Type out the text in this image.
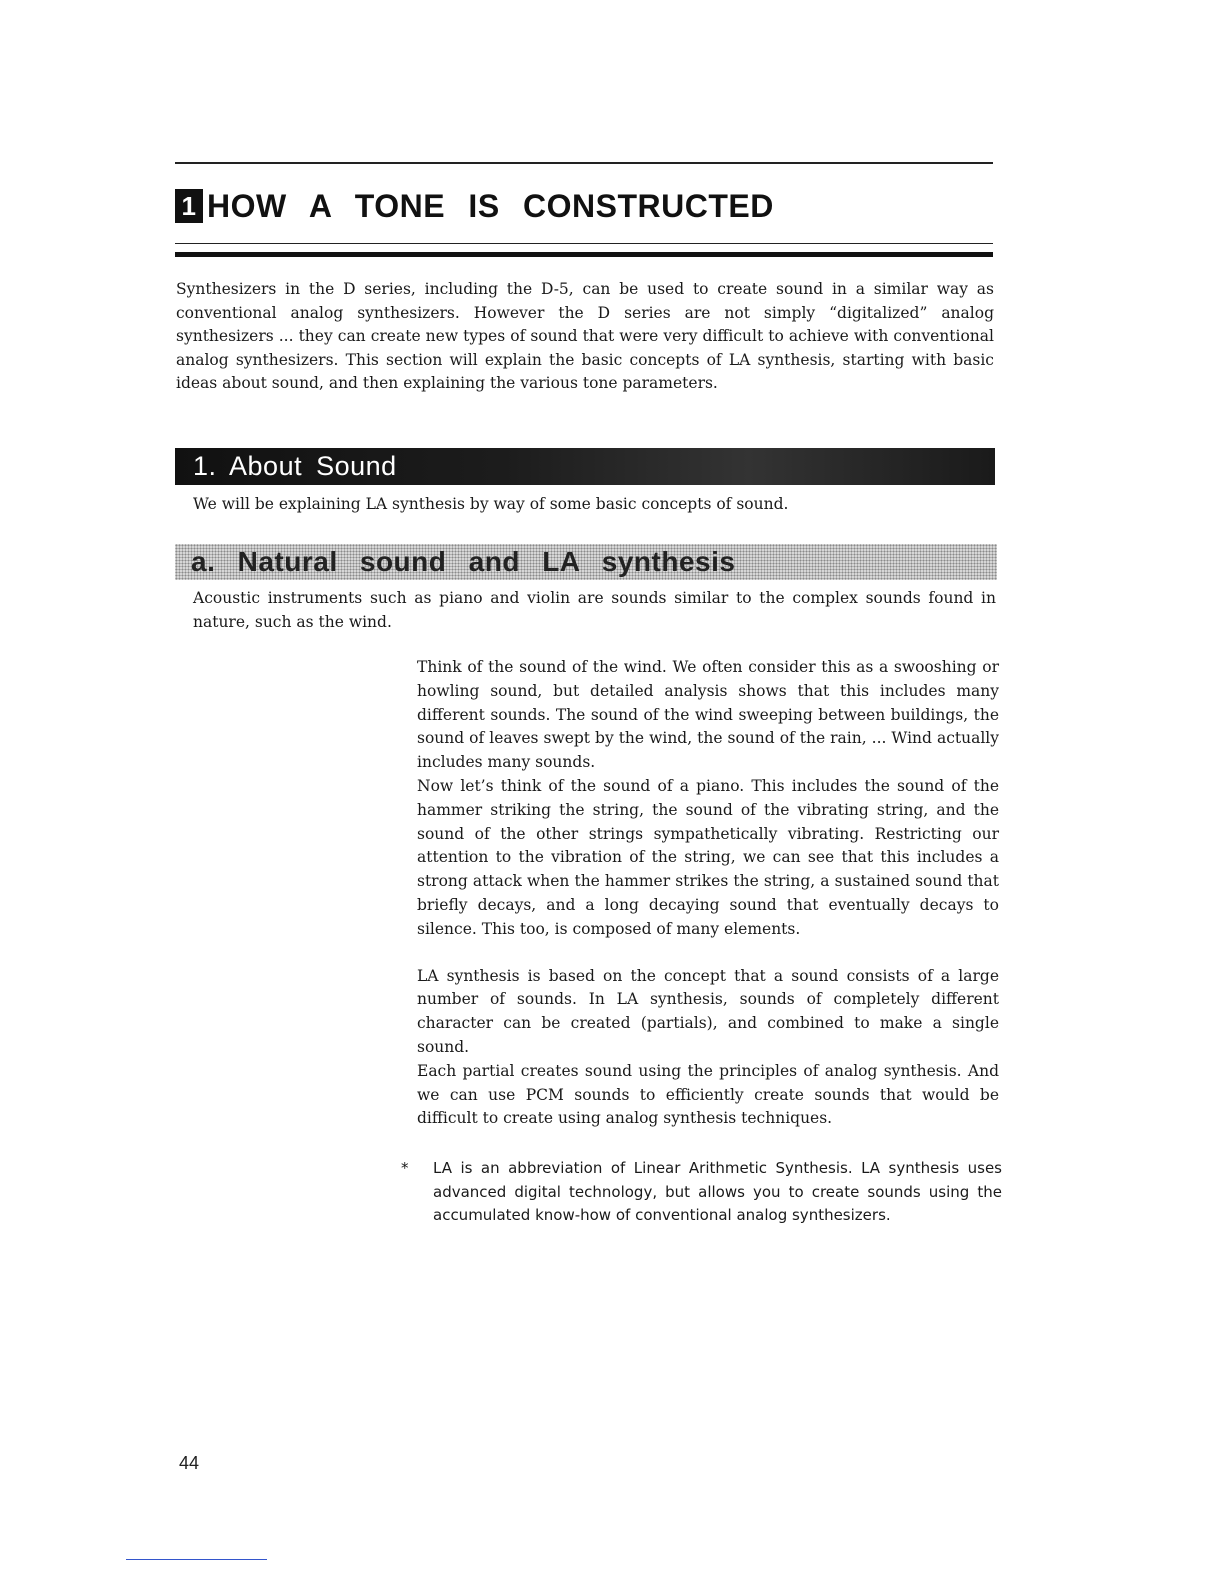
1 HOW A TONE IS CONSTRUCTED
Synthesizers in the D series, including the D-5, can be used to create sound in a similar way as conventional analog synthesizers. However the D series are not simply “digitalized” analog synthesizers ... they can create new types of sound that were very difficult to achieve with conventional analog synthesizers. This section will explain the basic concepts of LA synthesis, starting with basic ideas about sound, and then explaining the various tone parameters.
1. About Sound
We will be explaining LA synthesis by way of some basic concepts of sound.
a. Natural sound and LA synthesis
Acoustic instruments such as piano and violin are sounds similar to the complex sounds found in nature, such as the wind.

Think of the sound of the wind. We often consider this as a swooshing or howling sound, but detailed analysis shows that this includes many different sounds. The sound of the wind sweeping between buildings, the sound of leaves swept by the wind, the sound of the rain, ... Wind actually includes many sounds.

Now let’s think of the sound of a piano. This includes the sound of the hammer striking the string, the sound of the vibrating string, and the sound of the other strings sympathetically vibrating. Restricting our attention to the vibration of the string, we can see that this includes a strong attack when the hammer strikes the string, a sustained sound that briefly decays, and a long decaying sound that eventually decays to silence. This too, is composed of many elements.

LA synthesis is based on the concept that a sound consists of a large number of sounds. In LA synthesis, sounds of completely different character can be created (partials), and combined to make a single sound.

Each partial creates sound using the principles of analog synthesis. And we can use PCM sounds to efficiently create sounds that would be difficult to create using analog synthesis techniques.

* LA is an abbreviation of Linear Arithmetic Synthesis. LA synthesis uses advanced digital technology, but allows you to create sounds using the accumulated know-how of conventional analog synthesizers.
44
